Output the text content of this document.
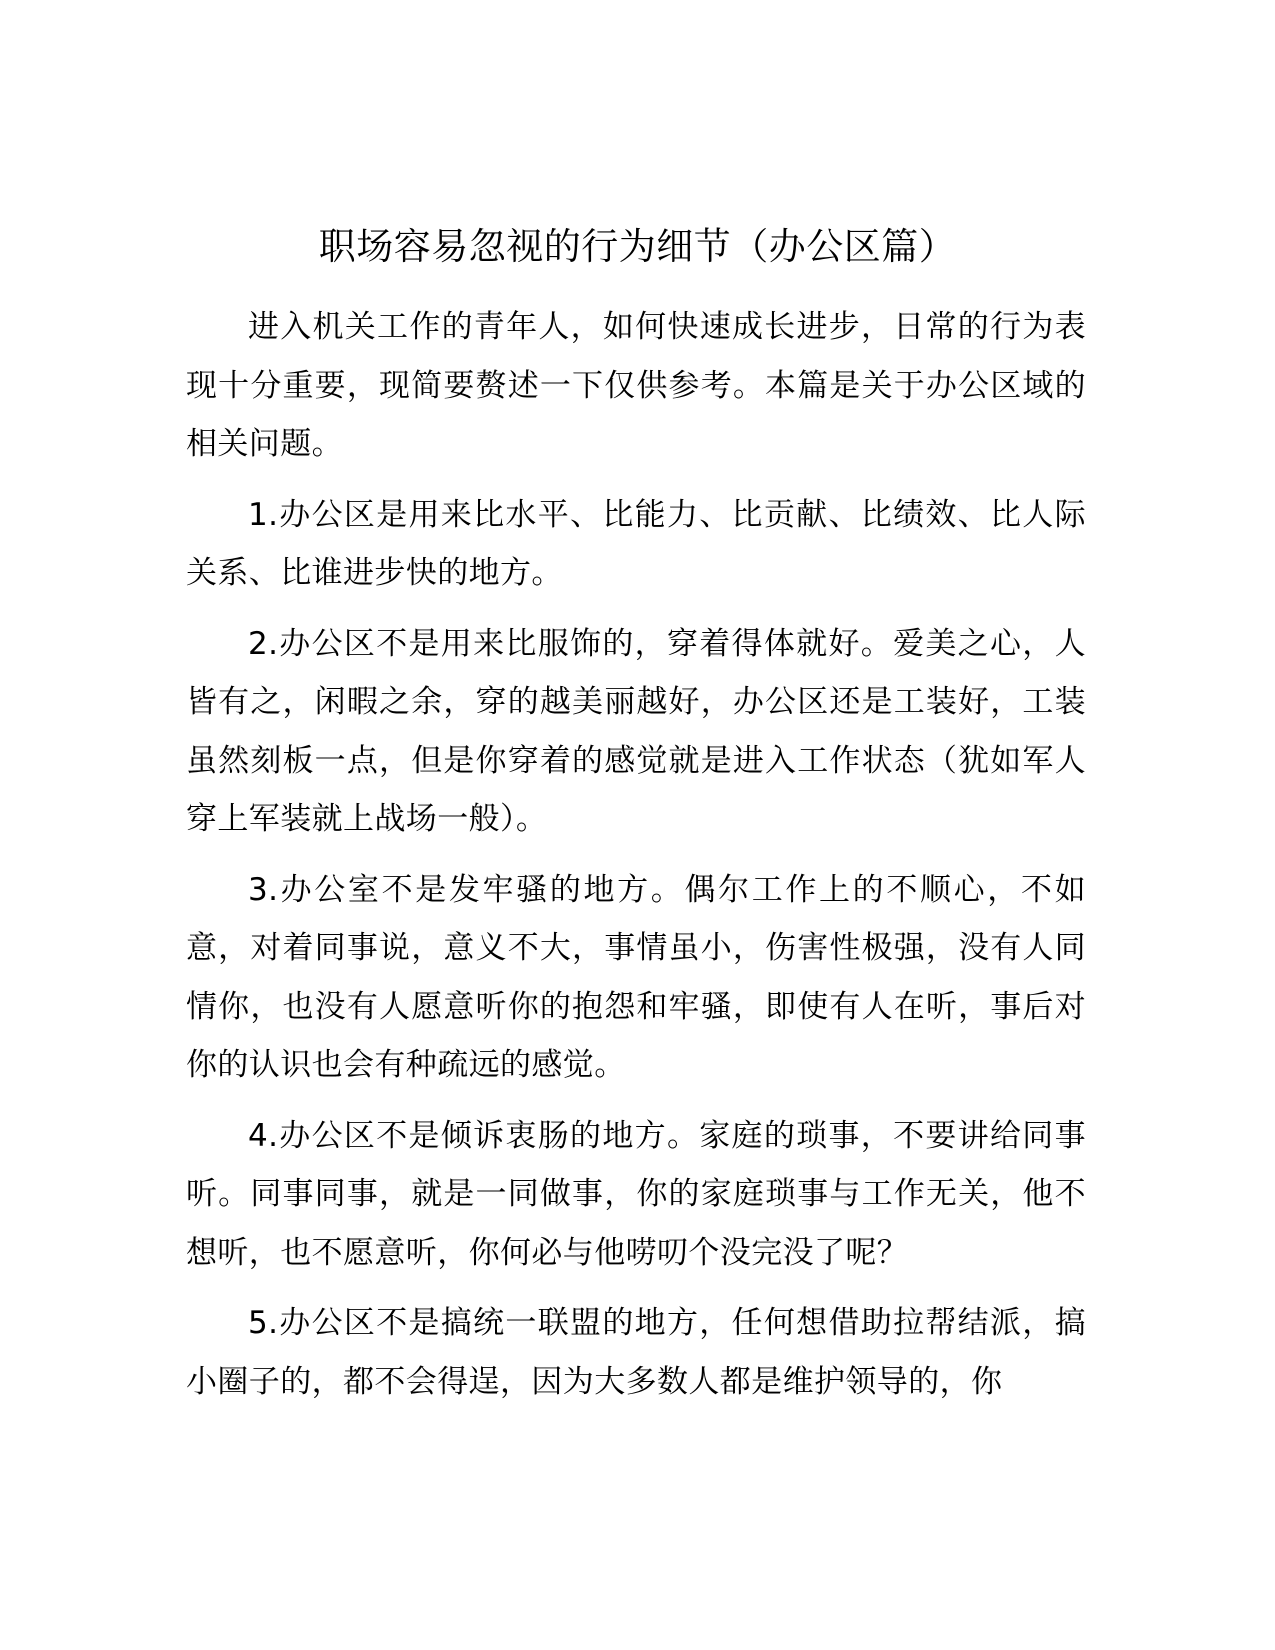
职场容易忽视的行为细节（办公区篇）

进入机关工作的青年人，如何快速成长进步，日常的行为表现十分重要，现简要赘述一下仅供参考。本篇是关于办公区域的相关问题。

1.办公区是用来比水平、比能力、比贡献、比绩效、比人际关系、比谁进步快的地方。

2.办公区不是用来比服饰的，穿着得体就好。爱美之心，人皆有之，闲暇之余，穿的越美丽越好，办公区还是工装好，工装虽然刻板一点，但是你穿着的感觉就是进入工作状态（犹如军人穿上军装就上战场一般）。

3.办公室不是发牢骚的地方。偶尔工作上的不顺心，不如意，对着同事说，意义不大，事情虽小，伤害性极强，没有人同情你，也没有人愿意听你的抱怨和牢骚，即使有人在听，事后对你的认识也会有种疏远的感觉。

4.办公区不是倾诉衷肠的地方。家庭的琐事，不要讲给同事听。同事同事，就是一同做事，你的家庭琐事与工作无关，他不想听，也不愿意听，你何必与他唠叨个没完没了呢？

5.办公区不是搞统一联盟的地方，任何想借助拉帮结派，搞小圈子的，都不会得逞，因为大多数人都是维护领导的，你
